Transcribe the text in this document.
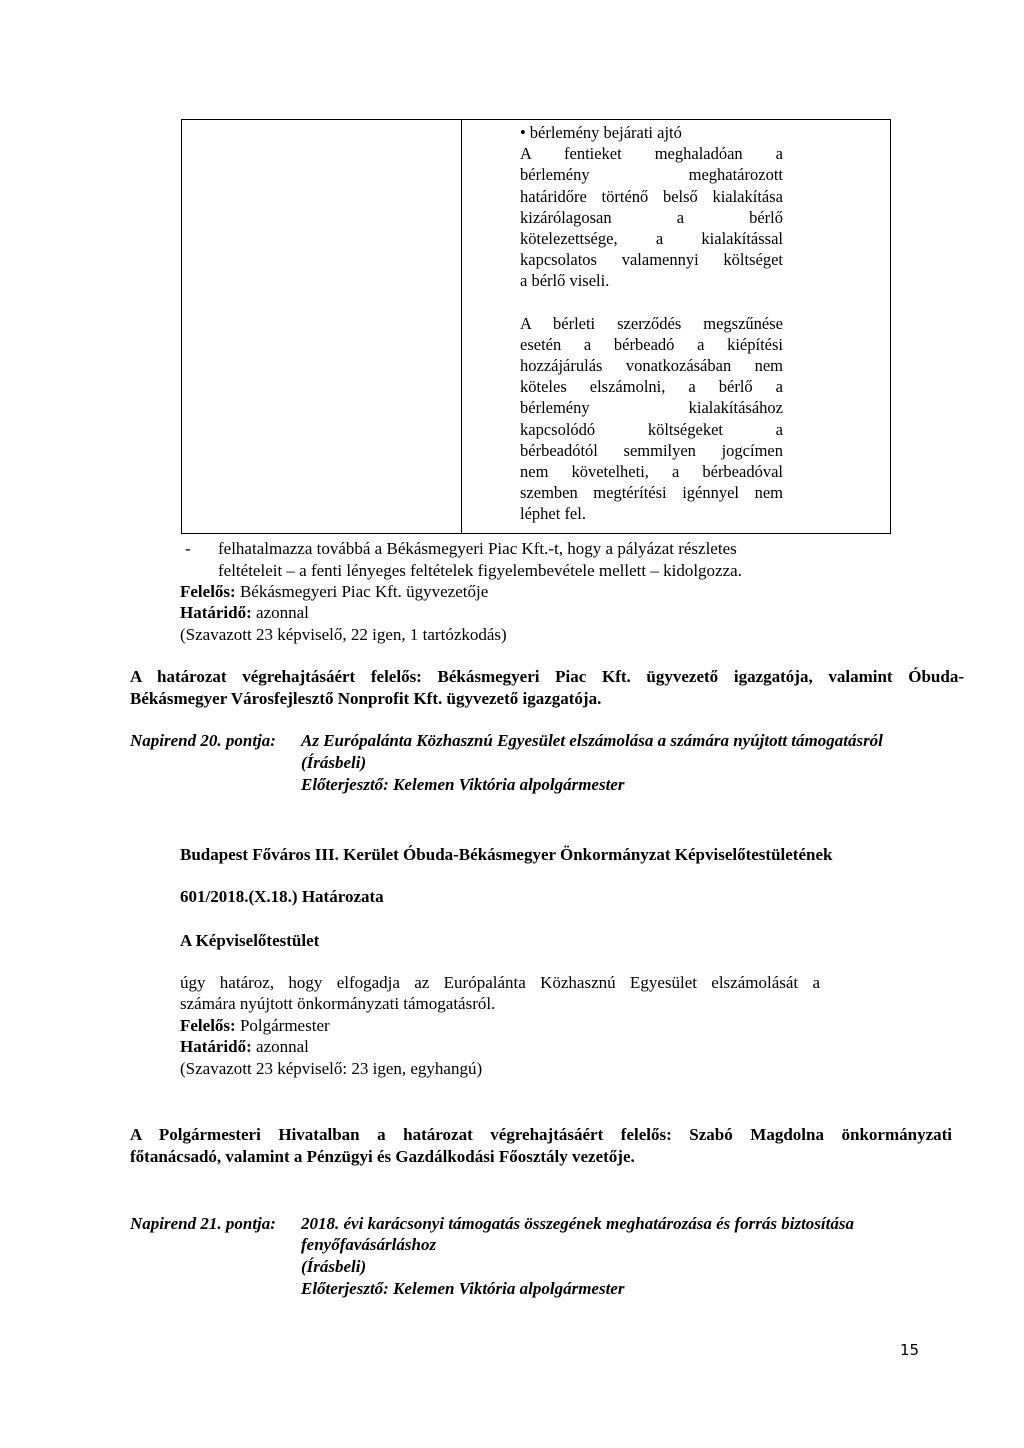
• bérlemény bejárati ajtó
A fentieket meghaladóan a
bérlemény meghatározott
határidőre történő belső kialakítása
kizárólagosan a bérlő
kötelezettsége, a kialakítással
kapcsolatos valamennyi költséget
a bérlő viseli.
A bérleti szerződés megszűnése
esetén a bérbeadó a kiépítési
hozzájárulás vonatkozásában nem
köteles elszámolni, a bérlő a
bérlemény kialakításához
kapcsolódó költségeket a
bérbeadótól semmilyen jogcímen
nem követelheti, a bérbeadóval
szemben megtérítési igénnyel nem
léphet fel.
- felhatalmazza továbbá a Békásmegyeri Piac Kft.-t, hogy a pályázat részletes
feltételeit – a fenti lényeges feltételek figyelembevétele mellett – kidolgozza.
Felelős: Békásmegyeri Piac Kft. ügyvezetője
Határidő: azonnal
(Szavazott 23 képviselő, 22 igen, 1 tartózkodás)
A határozat végrehajtásáért felelős: Békásmegyeri Piac Kft. ügyvezető igazgatója, valamint Óbuda-
Békásmegyer Városfejlesztő Nonprofit Kft. ügyvezető igazgatója.
Napirend 20. pontja: Az Európalánta Közhasznú Egyesület elszámolása a számára nyújtott támogatásról
(Írásbeli)
Előterjesztő: Kelemen Viktória alpolgármester
Budapest Főváros III. Kerület Óbuda-Békásmegyer Önkormányzat Képviselőtestületének
601/2018.(X.18.) Határozata
A Képviselőtestület
úgy határoz, hogy elfogadja az Európalánta Közhasznú Egyesület elszámolását a
számára nyújtott önkormányzati támogatásról.
Felelős: Polgármester
Határidő: azonnal
(Szavazott 23 képviselő: 23 igen, egyhangú)
A Polgármesteri Hivatalban a határozat végrehajtásáért felelős: Szabó Magdolna önkormányzati
főtanácsadó, valamint a Pénzügyi és Gazdálkodási Főosztály vezetője.
Napirend 21. pontja: 2018. évi karácsonyi támogatás összegének meghatározása és forrás biztosítása
fenyőfavásárláshoz
(Írásbeli)
Előterjesztő: Kelemen Viktória alpolgármester
15
